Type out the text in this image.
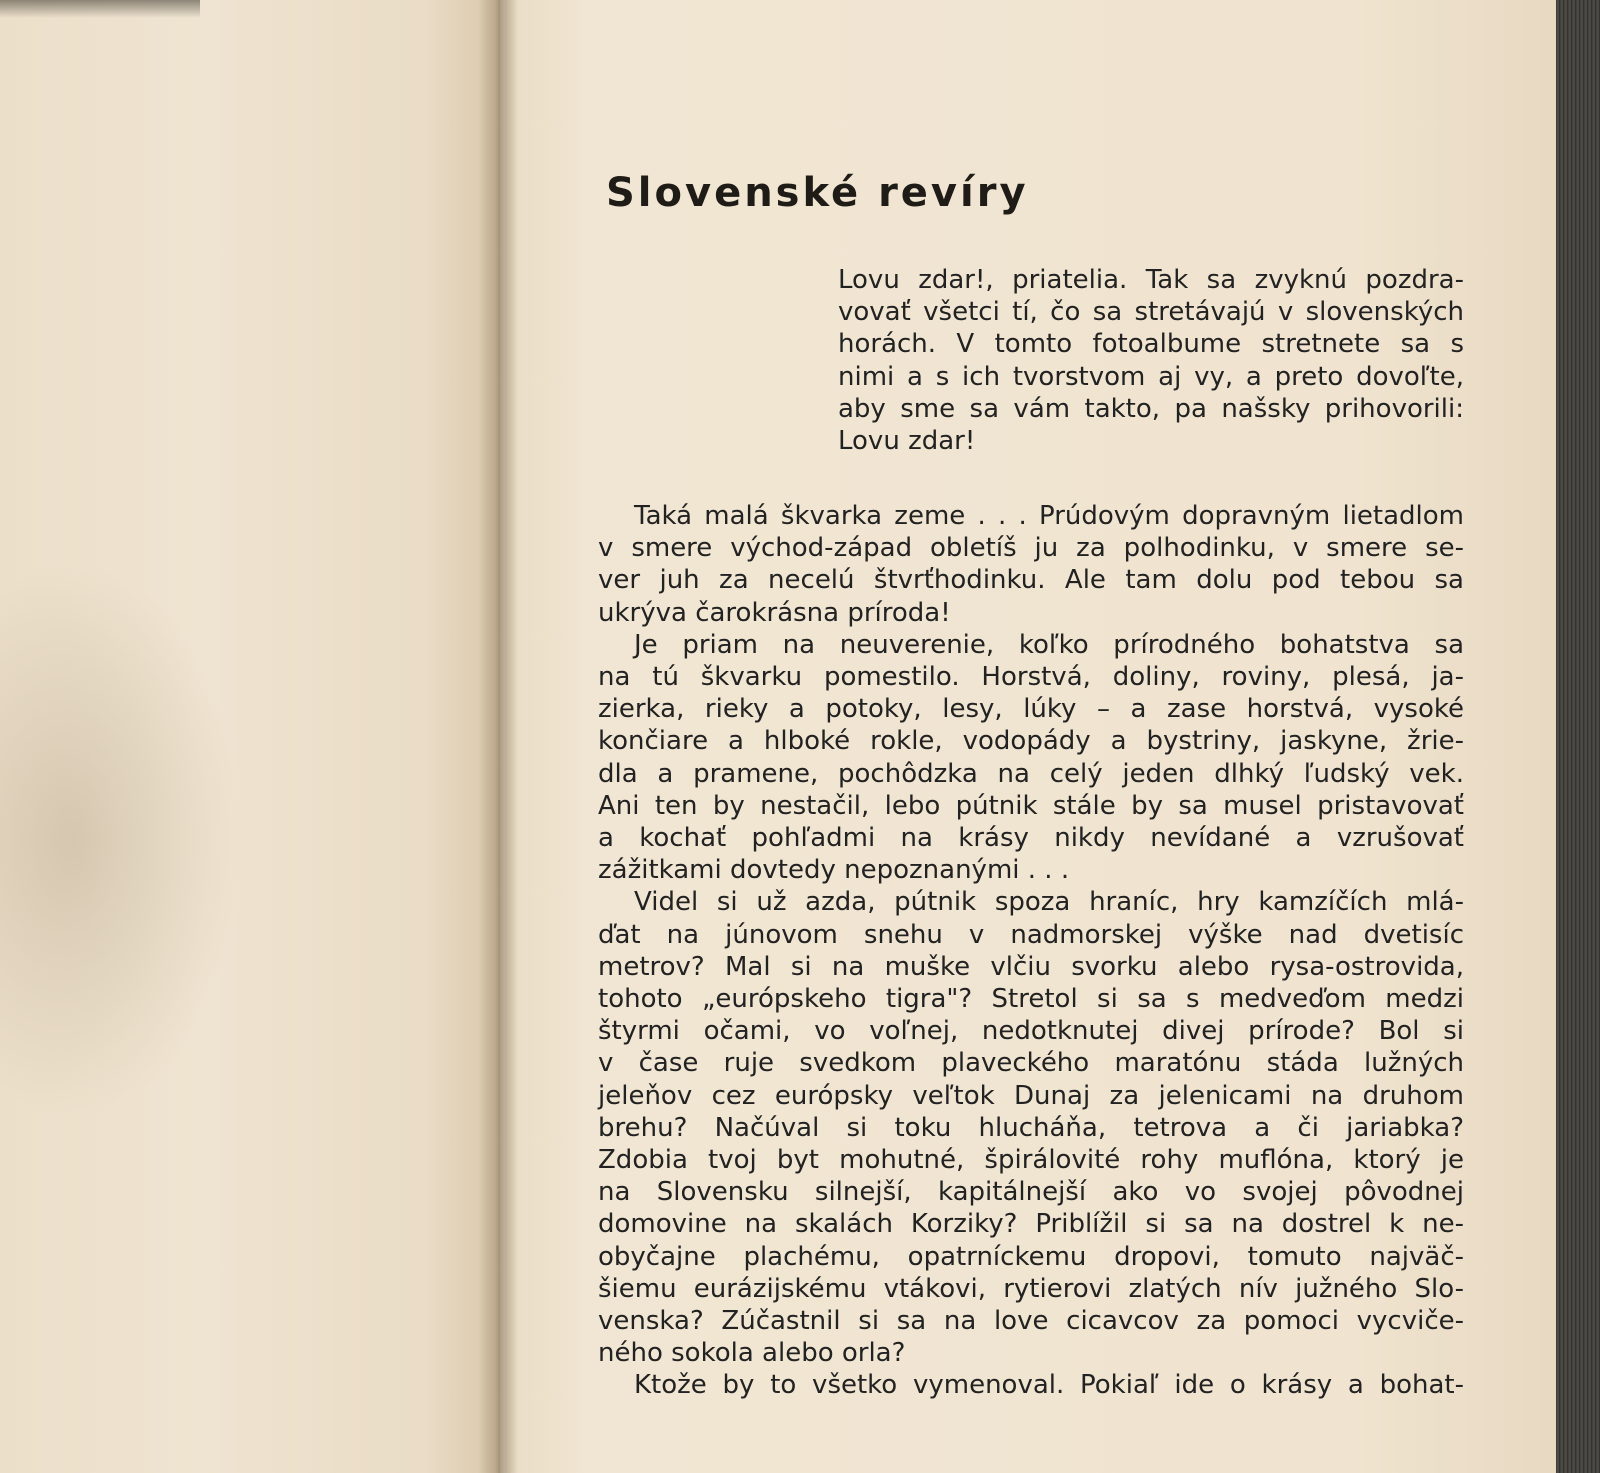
Slovenské revíry
Lovu zdar!, priatelia. Tak sa zvyknú pozdra-
vovať všetci tí, čo sa stretávajú v slovenských
horách. V tomto fotoalbume stretnete sa s
nimi a s ich tvorstvom aj vy, a preto dovoľte,
aby sme sa vám takto, pa našsky prihovorili:
Lovu zdar!
Taká malá škvarka zeme . . . Prúdovým dopravným lietadlom
v smere východ-západ obletíš ju za polhodinku, v smere se-
ver juh za necelú štvrťhodinku. Ale tam dolu pod tebou sa
ukrýva čarokrásna príroda!
Je priam na neuverenie, koľko prírodného bohatstva sa
na tú škvarku pomestilo. Horstvá, doliny, roviny, plesá, ja-
zierka, rieky a potoky, lesy, lúky – a zase horstvá, vysoké
končiare a hlboké rokle, vodopády a bystriny, jaskyne, žrie-
dla a pramene, pochôdzka na celý jeden dlhký ľudský vek.
Ani ten by nestačil, lebo pútnik stále by sa musel pristavovať
a kochať pohľadmi na krásy nikdy nevídané a vzrušovať
zážitkami dovtedy nepoznanými . . .
Videl si už azda, pútnik spoza hraníc, hry kamzíčích mlá-
ďat na júnovom snehu v nadmorskej výške nad dvetisíc
metrov? Mal si na muške vlčiu svorku alebo rysa-ostrovida,
tohoto „európskeho tigra"? Stretol si sa s medveďom medzi
štyrmi očami, vo voľnej, nedotknutej divej prírode? Bol si
v čase ruje svedkom plaveckého maratónu stáda lužných
jeleňov cez európsky veľtok Dunaj za jelenicami na druhom
brehu? Načúval si toku hlucháňa, tetrova a či jariabka?
Zdobia tvoj byt mohutné, špirálovité rohy muflóna, ktorý je
na Slovensku silnejší, kapitálnejší ako vo svojej pôvodnej
domovine na skalách Korziky? Priblížil si sa na dostrel k ne-
obyčajne plachému, opatrníckemu dropovi, tomuto najväč-
šiemu eurázijskému vtákovi, rytierovi zlatých nív južného Slo-
venska? Zúčastnil si sa na love cicavcov za pomoci vycviče-
ného sokola alebo orla?
Ktože by to všetko vymenoval. Pokiaľ ide o krásy a bohat-
